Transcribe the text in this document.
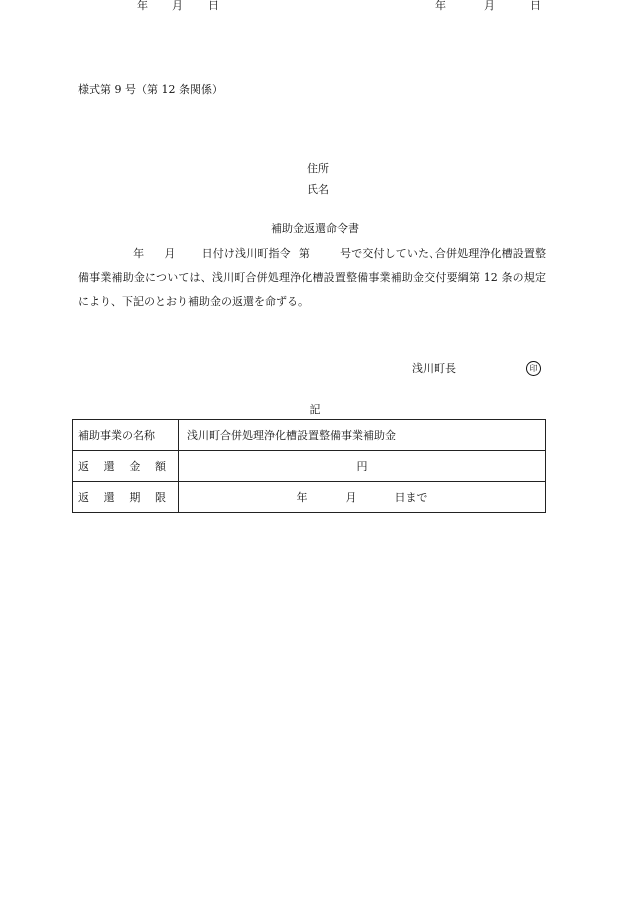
様式第 9 号（第 12 条関係）
年	月	日
住所
氏名
補助金返還命令書
年 月 日付け浅川町指令 第	号で交付していた､合併処理浄化槽設置整備事業補助金については、浅川町合併処理浄化槽設置整備事業補助金交付要綱第 12 条の規定により、下記のとおり補助金の返還を命ずる。
年 月 日
浅川町長	印
記
補助事業の名称	浅川町合併処理浄化槽設置整備事業補助金

返 還 金 額	円

返 還 期 限	年 月 日まで
